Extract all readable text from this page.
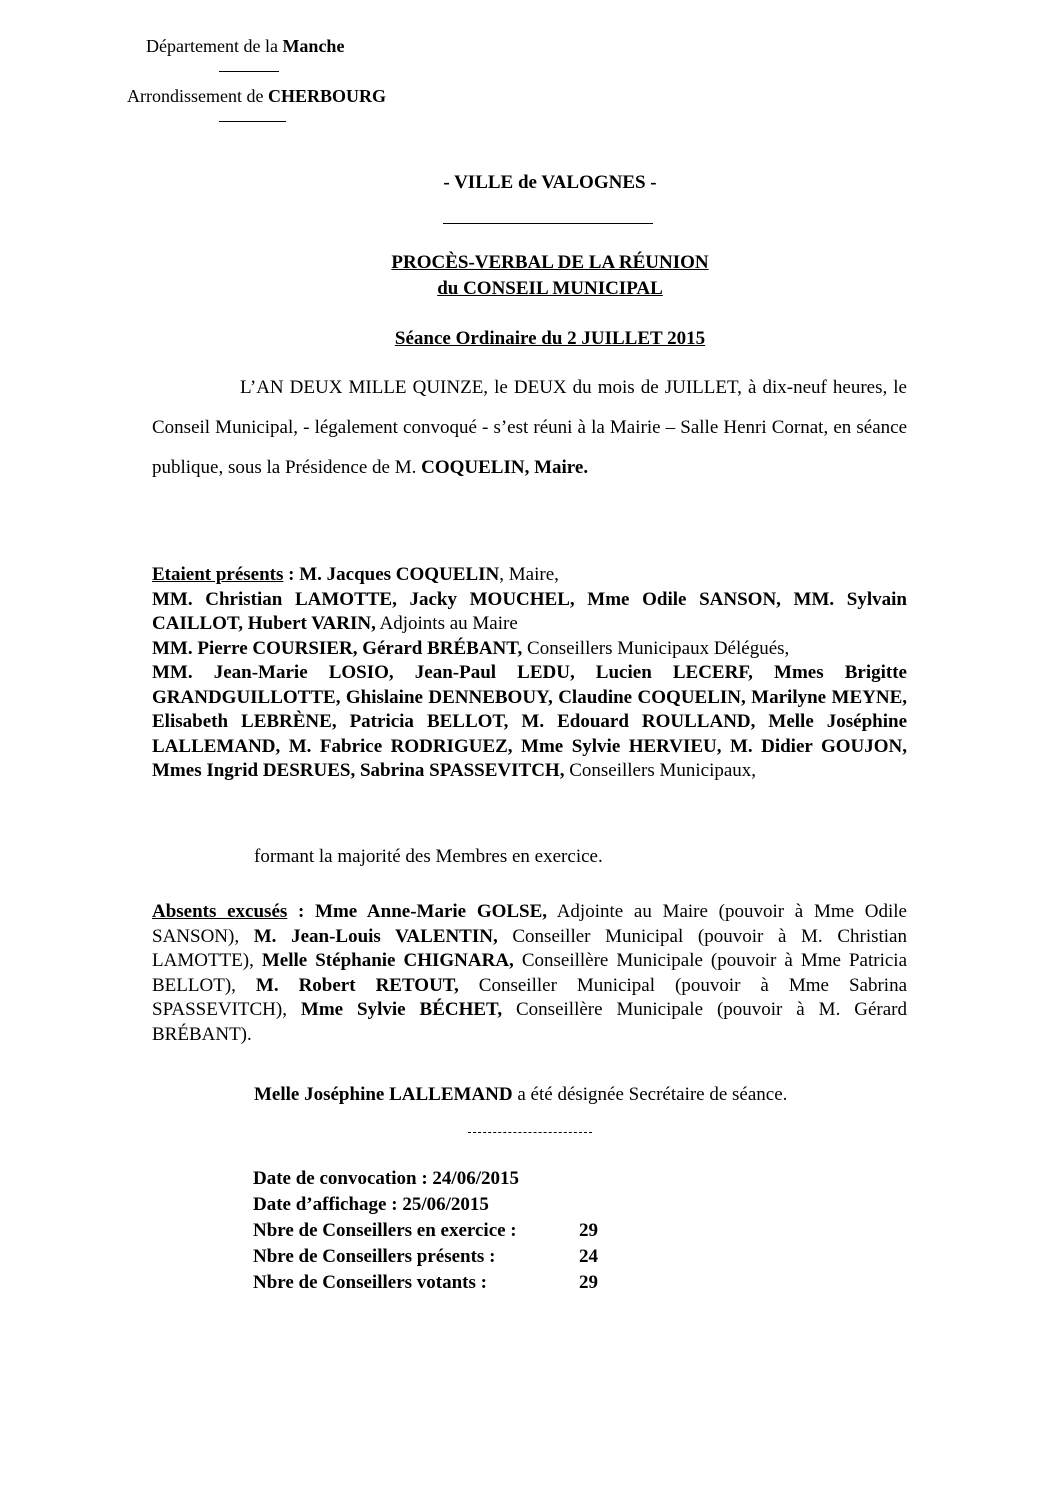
Département de la Manche
Arrondissement de CHERBOURG
- VILLE de VALOGNES -
PROCÈS-VERBAL DE LA RÉUNION
du CONSEIL MUNICIPAL
Séance Ordinaire du 2 JUILLET 2015
L’AN DEUX MILLE QUINZE, le DEUX du mois de JUILLET, à dix-neuf heures, le Conseil Municipal, - légalement convoqué - s’est réuni à la Mairie – Salle Henri Cornat, en séance publique, sous la Présidence de M. COQUELIN, Maire.
Etaient présents : M. Jacques COQUELIN, Maire,
MM. Christian LAMOTTE, Jacky MOUCHEL, Mme Odile SANSON, MM. Sylvain CAILLOT, Hubert VARIN, Adjoints au Maire
MM. Pierre COURSIER, Gérard BRÉBANT, Conseillers Municipaux Délégués,
MM. Jean-Marie LOSIO, Jean-Paul LEDU, Lucien LECERF, Mmes Brigitte GRANDGUILLOTTE, Ghislaine DENNEBOUY, Claudine COQUELIN, Marilyne MEYNE, Elisabeth LEBRÈNE, Patricia BELLOT, M. Edouard ROULLAND, Melle Joséphine LALLEMAND, M. Fabrice RODRIGUEZ, Mme Sylvie HERVIEU, M. Didier GOUJON, Mmes Ingrid DESRUES, Sabrina SPASSEVITCH, Conseillers Municipaux,
formant la majorité des Membres en exercice.
Absents excusés : Mme Anne-Marie GOLSE, Adjointe au Maire (pouvoir à Mme Odile SANSON), M. Jean-Louis VALENTIN, Conseiller Municipal (pouvoir à M. Christian LAMOTTE), Melle Stéphanie CHIGNARA, Conseillère Municipale (pouvoir à Mme Patricia BELLOT), M. Robert RETOUT, Conseiller Municipal (pouvoir à Mme Sabrina SPASSEVITCH), Mme Sylvie BÉCHET, Conseillère Municipale (pouvoir à M. Gérard BRÉBANT).
Melle Joséphine LALLEMAND a été désignée Secrétaire de séance.
Date de convocation : 24/06/2015
Date d’affichage : 25/06/2015
Nbre de Conseillers en exercice :	29
Nbre de Conseillers présents :	24
Nbre de Conseillers votants :	29
